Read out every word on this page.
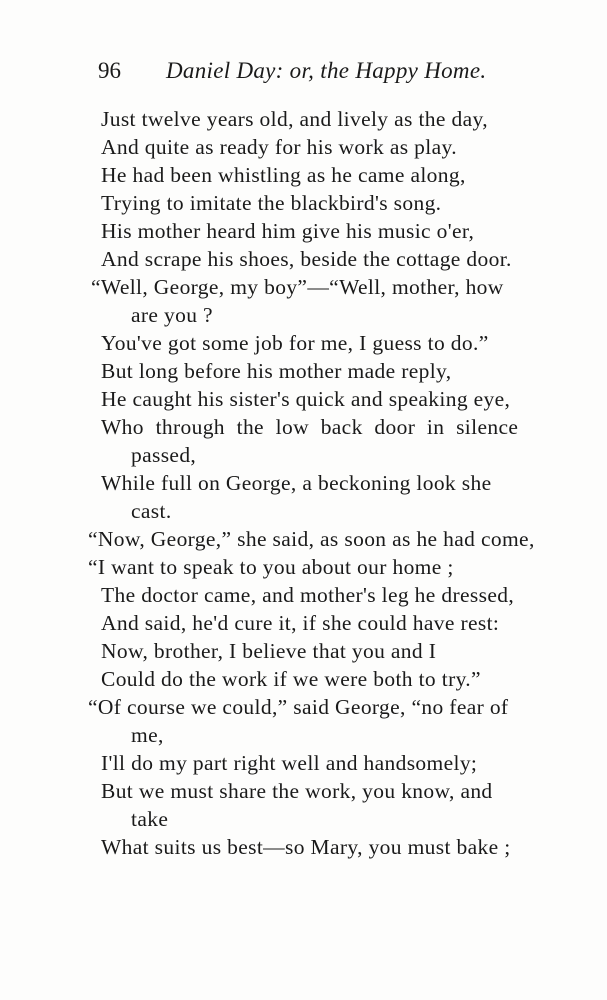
96 Daniel Day: or, the Happy Home.
Just twelve years old, and lively as the day,
And quite as ready for his work as play.
He had been whistling as he came along,
Trying to imitate the blackbird's song.
His mother heard him give his music o'er,
And scrape his shoes, beside the cottage door.
“Well, George, my boy”—“Well, mother, how
are you ?
You've got some job for me, I guess to do.”
But long before his mother made reply,
He caught his sister's quick and speaking eye,
Who through the low back door in silence
passed,
While full on George, a beckoning look she
cast.
“Now, George,” she said, as soon as he had come,
“I want to speak to you about our home ;
The doctor came, and mother's leg he dressed,
And said, he'd cure it, if she could have rest:
Now, brother, I believe that you and I
Could do the work if we were both to try.”
“Of course we could,” said George, “no fear of
me,
I'll do my part right well and handsomely;
But we must share the work, you know, and
take
What suits us best—so Mary, you must bake ;
